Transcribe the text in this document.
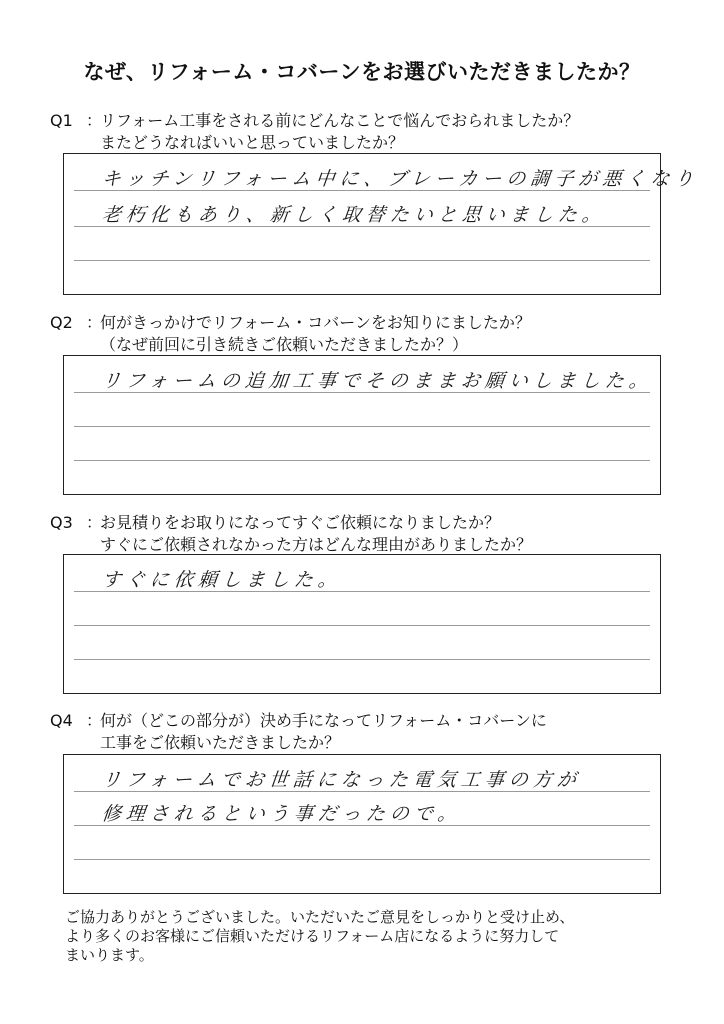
なぜ、リフォーム・コバーンをお選びいただきましたか？
Q1 ：
リフォーム工事をされる前にどんなことで悩んでおられましたか？
またどうなればいいと思っていましたか？
キッチンリフォーム中に、ブレーカーの調子が悪くなり
老朽化もあり、新しく取替たいと思いました。
Q2 ：
何がきっかけでリフォーム・コバーンをお知りにましたか？
（なぜ前回に引き続きご依頼いただきましたか？）
リフォームの追加工事でそのままお願いしました。
Q3 ：
お見積りをお取りになってすぐご依頼になりましたか？
すぐにご依頼されなかった方はどんな理由がありましたか？
すぐに依頼しました。
Q4 ：
何が（どこの部分が）決め手になってリフォーム・コバーンに
工事をご依頼いただきましたか？
リフォームでお世話になった電気工事の方が
修理されるという事だったので。
ご協力ありがとうございました。いただいたご意見をしっかりと受け止め、
より多くのお客様にご信頼いただけるリフォーム店になるように努力して
まいります。
